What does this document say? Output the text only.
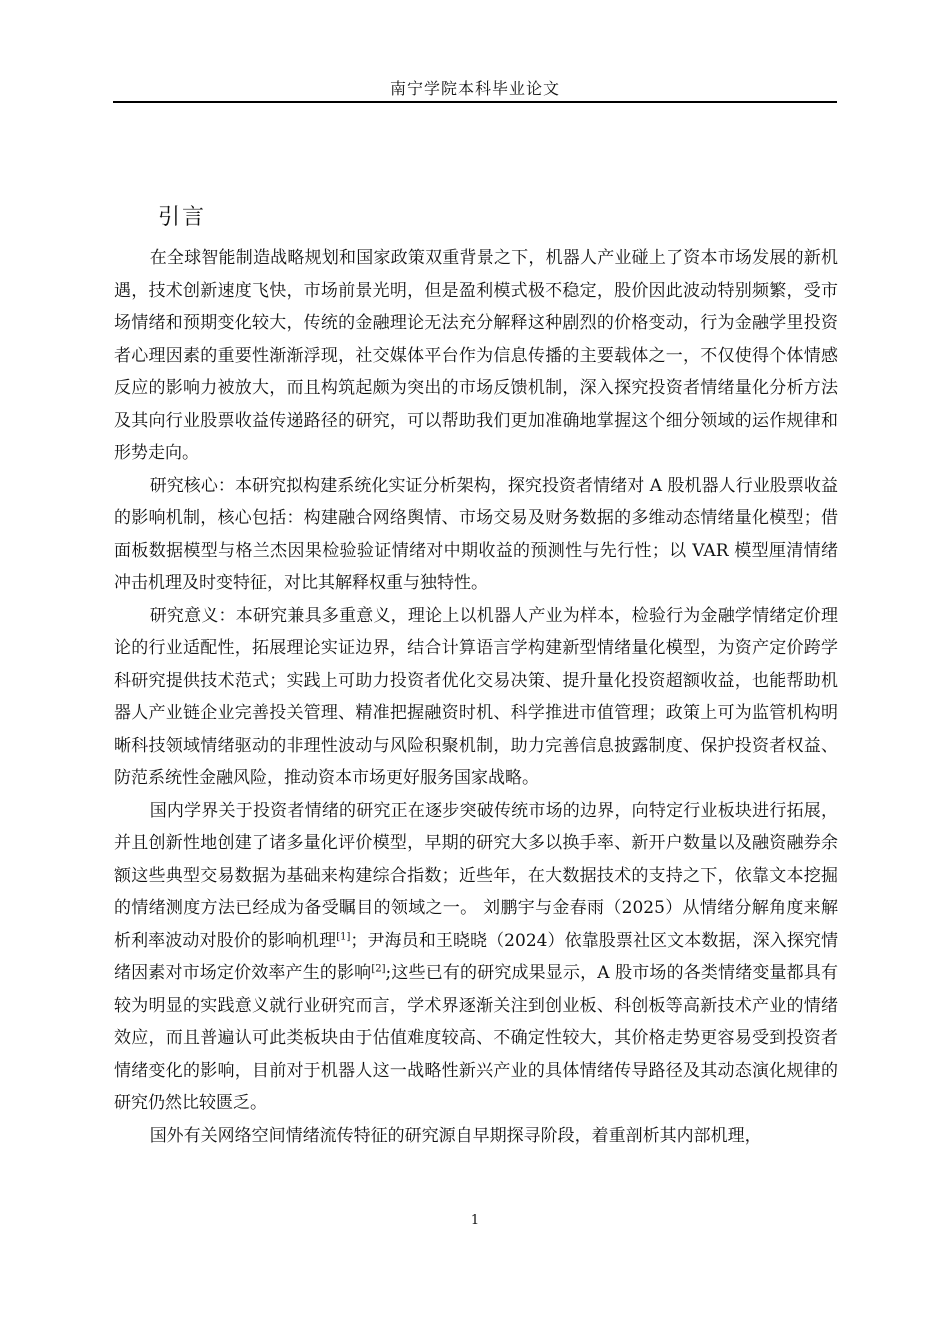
南宁学院本科毕业论文
引言

在全球智能制造战略规划和国家政策双重背景之下，机器人产业碰上了资本市场发展的新机遇，技术创新速度飞快，市场前景光明，但是盈利模式极不稳定，股价因此波动特别频繁，受市场情绪和预期变化较大，传统的金融理论无法充分解释这种剧烈的价格变动，行为金融学里投资者心理因素的重要性渐渐浮现，社交媒体平台作为信息传播的主要载体之一，不仅使得个体情感反应的影响力被放大，而且构筑起颇为突出的市场反馈机制，深入探究投资者情绪量化分析方法及其向行业股票收益传递路径的研究，可以帮助我们更加准确地掌握这个细分领域的运作规律和形势走向。

研究核心：本研究拟构建系统化实证分析架构，探究投资者情绪对 A 股机器人行业股票收益的影响机制，核心包括：构建融合网络舆情、市场交易及财务数据的多维动态情绪量化模型；借面板数据模型与格兰杰因果检验验证情绪对中期收益的预测性与先行性；以 VAR 模型厘清情绪冲击机理及时变特征，对比其解释权重与独特性。

研究意义：本研究兼具多重意义，理论上以机器人产业为样本，检验行为金融学情绪定价理论的行业适配性，拓展理论实证边界，结合计算语言学构建新型情绪量化模型，为资产定价跨学科研究提供技术范式；实践上可助力投资者优化交易决策、提升量化投资超额收益，也能帮助机器人产业链企业完善投关管理、精准把握融资时机、科学推进市值管理；政策上可为监管机构明晰科技领域情绪驱动的非理性波动与风险积聚机制，助力完善信息披露制度、保护投资者权益、防范系统性金融风险，推动资本市场更好服务国家战略。

国内学界关于投资者情绪的研究正在逐步突破传统市场的边界，向特定行业板块进行拓展，并且创新性地创建了诸多量化评价模型，早期的研究大多以换手率、新开户数量以及融资融券余额这些典型交易数据为基础来构建综合指数；近些年，在大数据技术的支持之下，依靠文本挖掘的情绪测度方法已经成为备受瞩目的领域之一。 刘鹏宇与金春雨（2025）从情绪分解角度来解析利率波动对股价的影响机理[1]；尹海员和王晓晓（2024）依靠股票社区文本数据，深入探究情绪因素对市场定价效率产生的影响[2];这些已有的研究成果显示，A 股市场的各类情绪变量都具有较为明显的实践意义就行业研究而言，学术界逐渐关注到创业板、科创板等高新技术产业的情绪效应，而且普遍认可此类板块由于估值难度较高、不确定性较大，其价格走势更容易受到投资者情绪变化的影响，目前对于机器人这一战略性新兴产业的具体情绪传导路径及其动态演化规律的研究仍然比较匮乏。

国外有关网络空间情绪流传特征的研究源自早期探寻阶段，着重剖析其内部机理，

1
